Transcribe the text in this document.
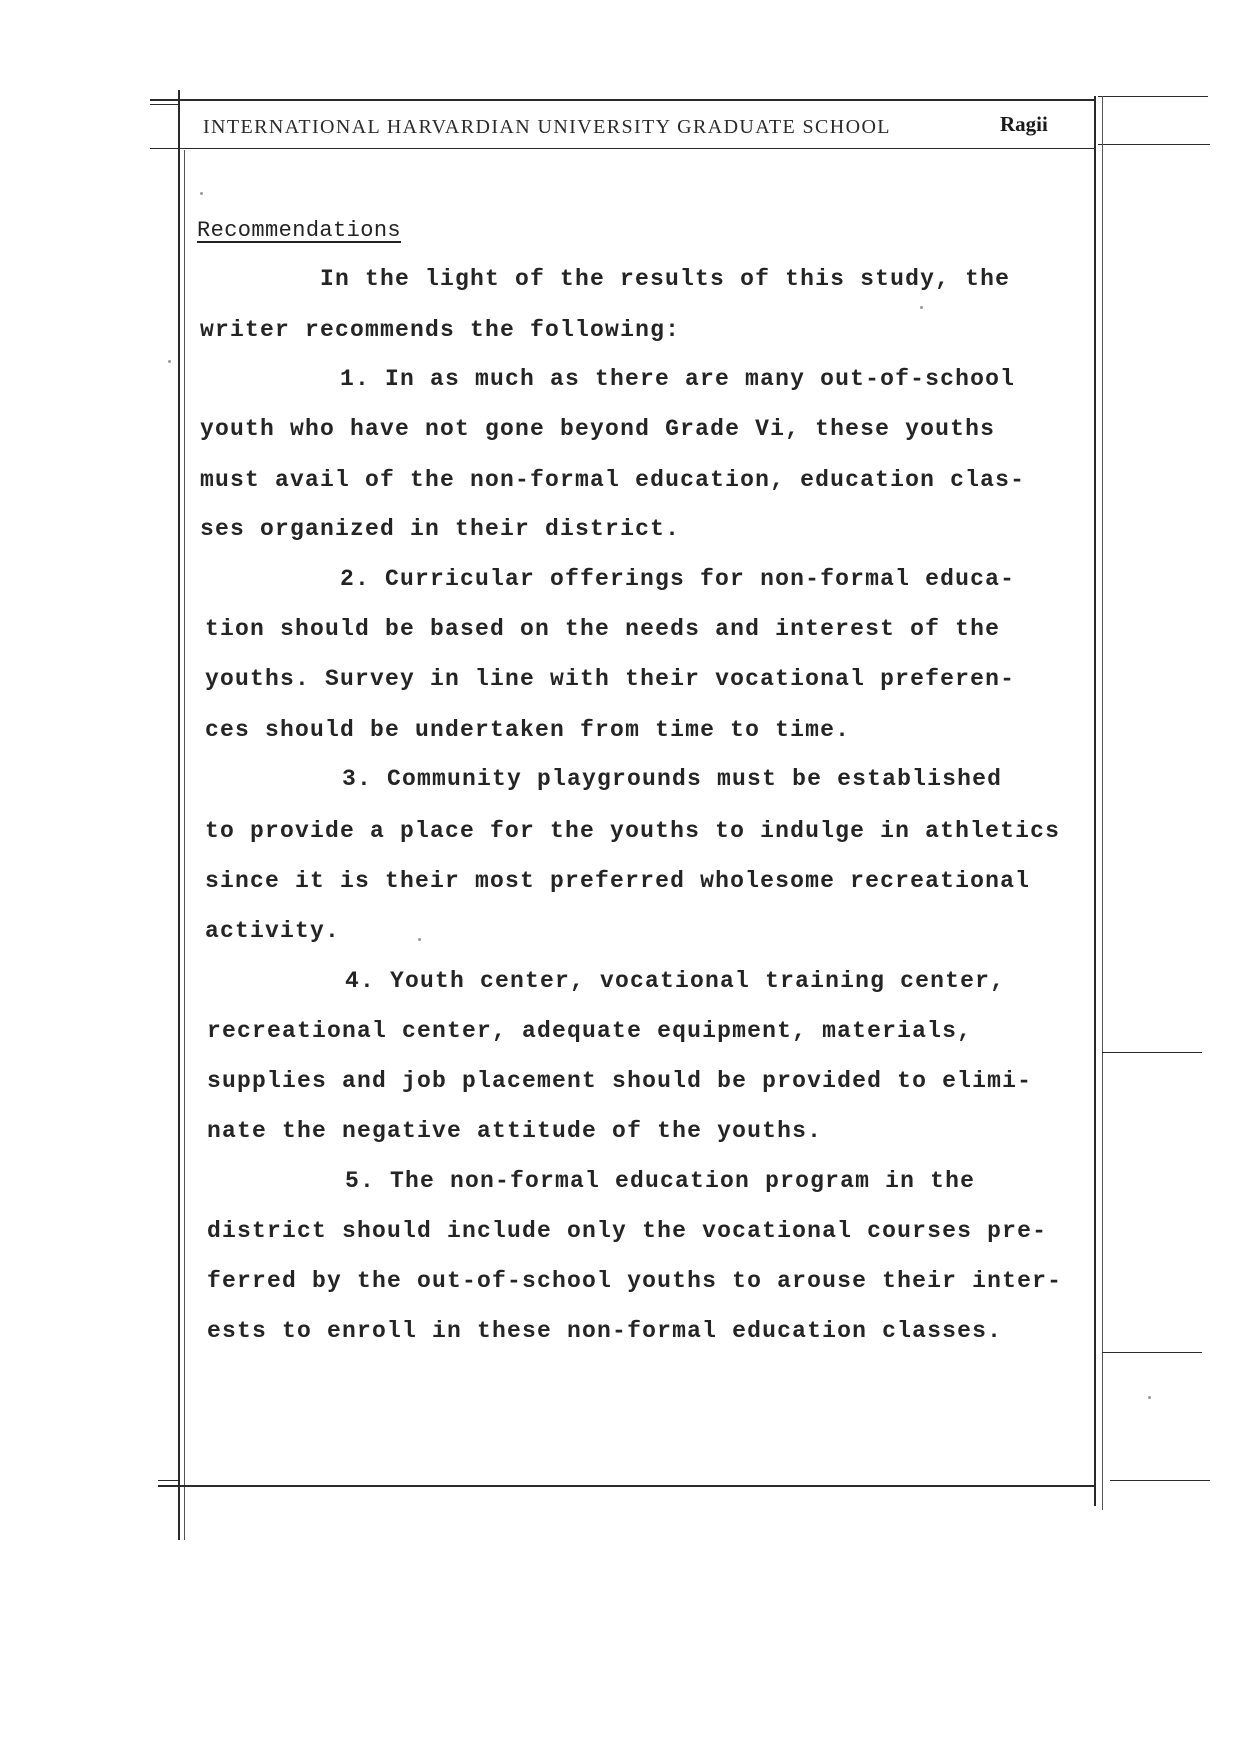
INTERNATIONAL HARVARDIAN UNIVERSITY GRADUATE SCHOOL	Ragii
Recommendations
In the light of the results of this study, the
writer recommends the following:
1. In as much as there are many out-of-school
youth who have not gone beyond Grade Vi, these youths
must avail of the non-formal education, education clas-
ses organized in their district.
2. Curricular offerings for non-formal educa-
tion should be based on the needs and interest of the
youths. Survey in line with their vocational preferen-
ces should be undertaken from time to time.
3. Community playgrounds must be established
to provide a place for the youths to indulge in athletics
since it is their most preferred wholesome recreational
activity.
4. Youth center, vocational training center,
recreational center, adequate equipment, materials,
supplies and job placement should be provided to elimi-
nate the negative attitude of the youths.
5. The non-formal education program in the
district should include only the vocational courses pre-
ferred by the out-of-school youths to arouse their inter-
ests to enroll in these non-formal education classes.
